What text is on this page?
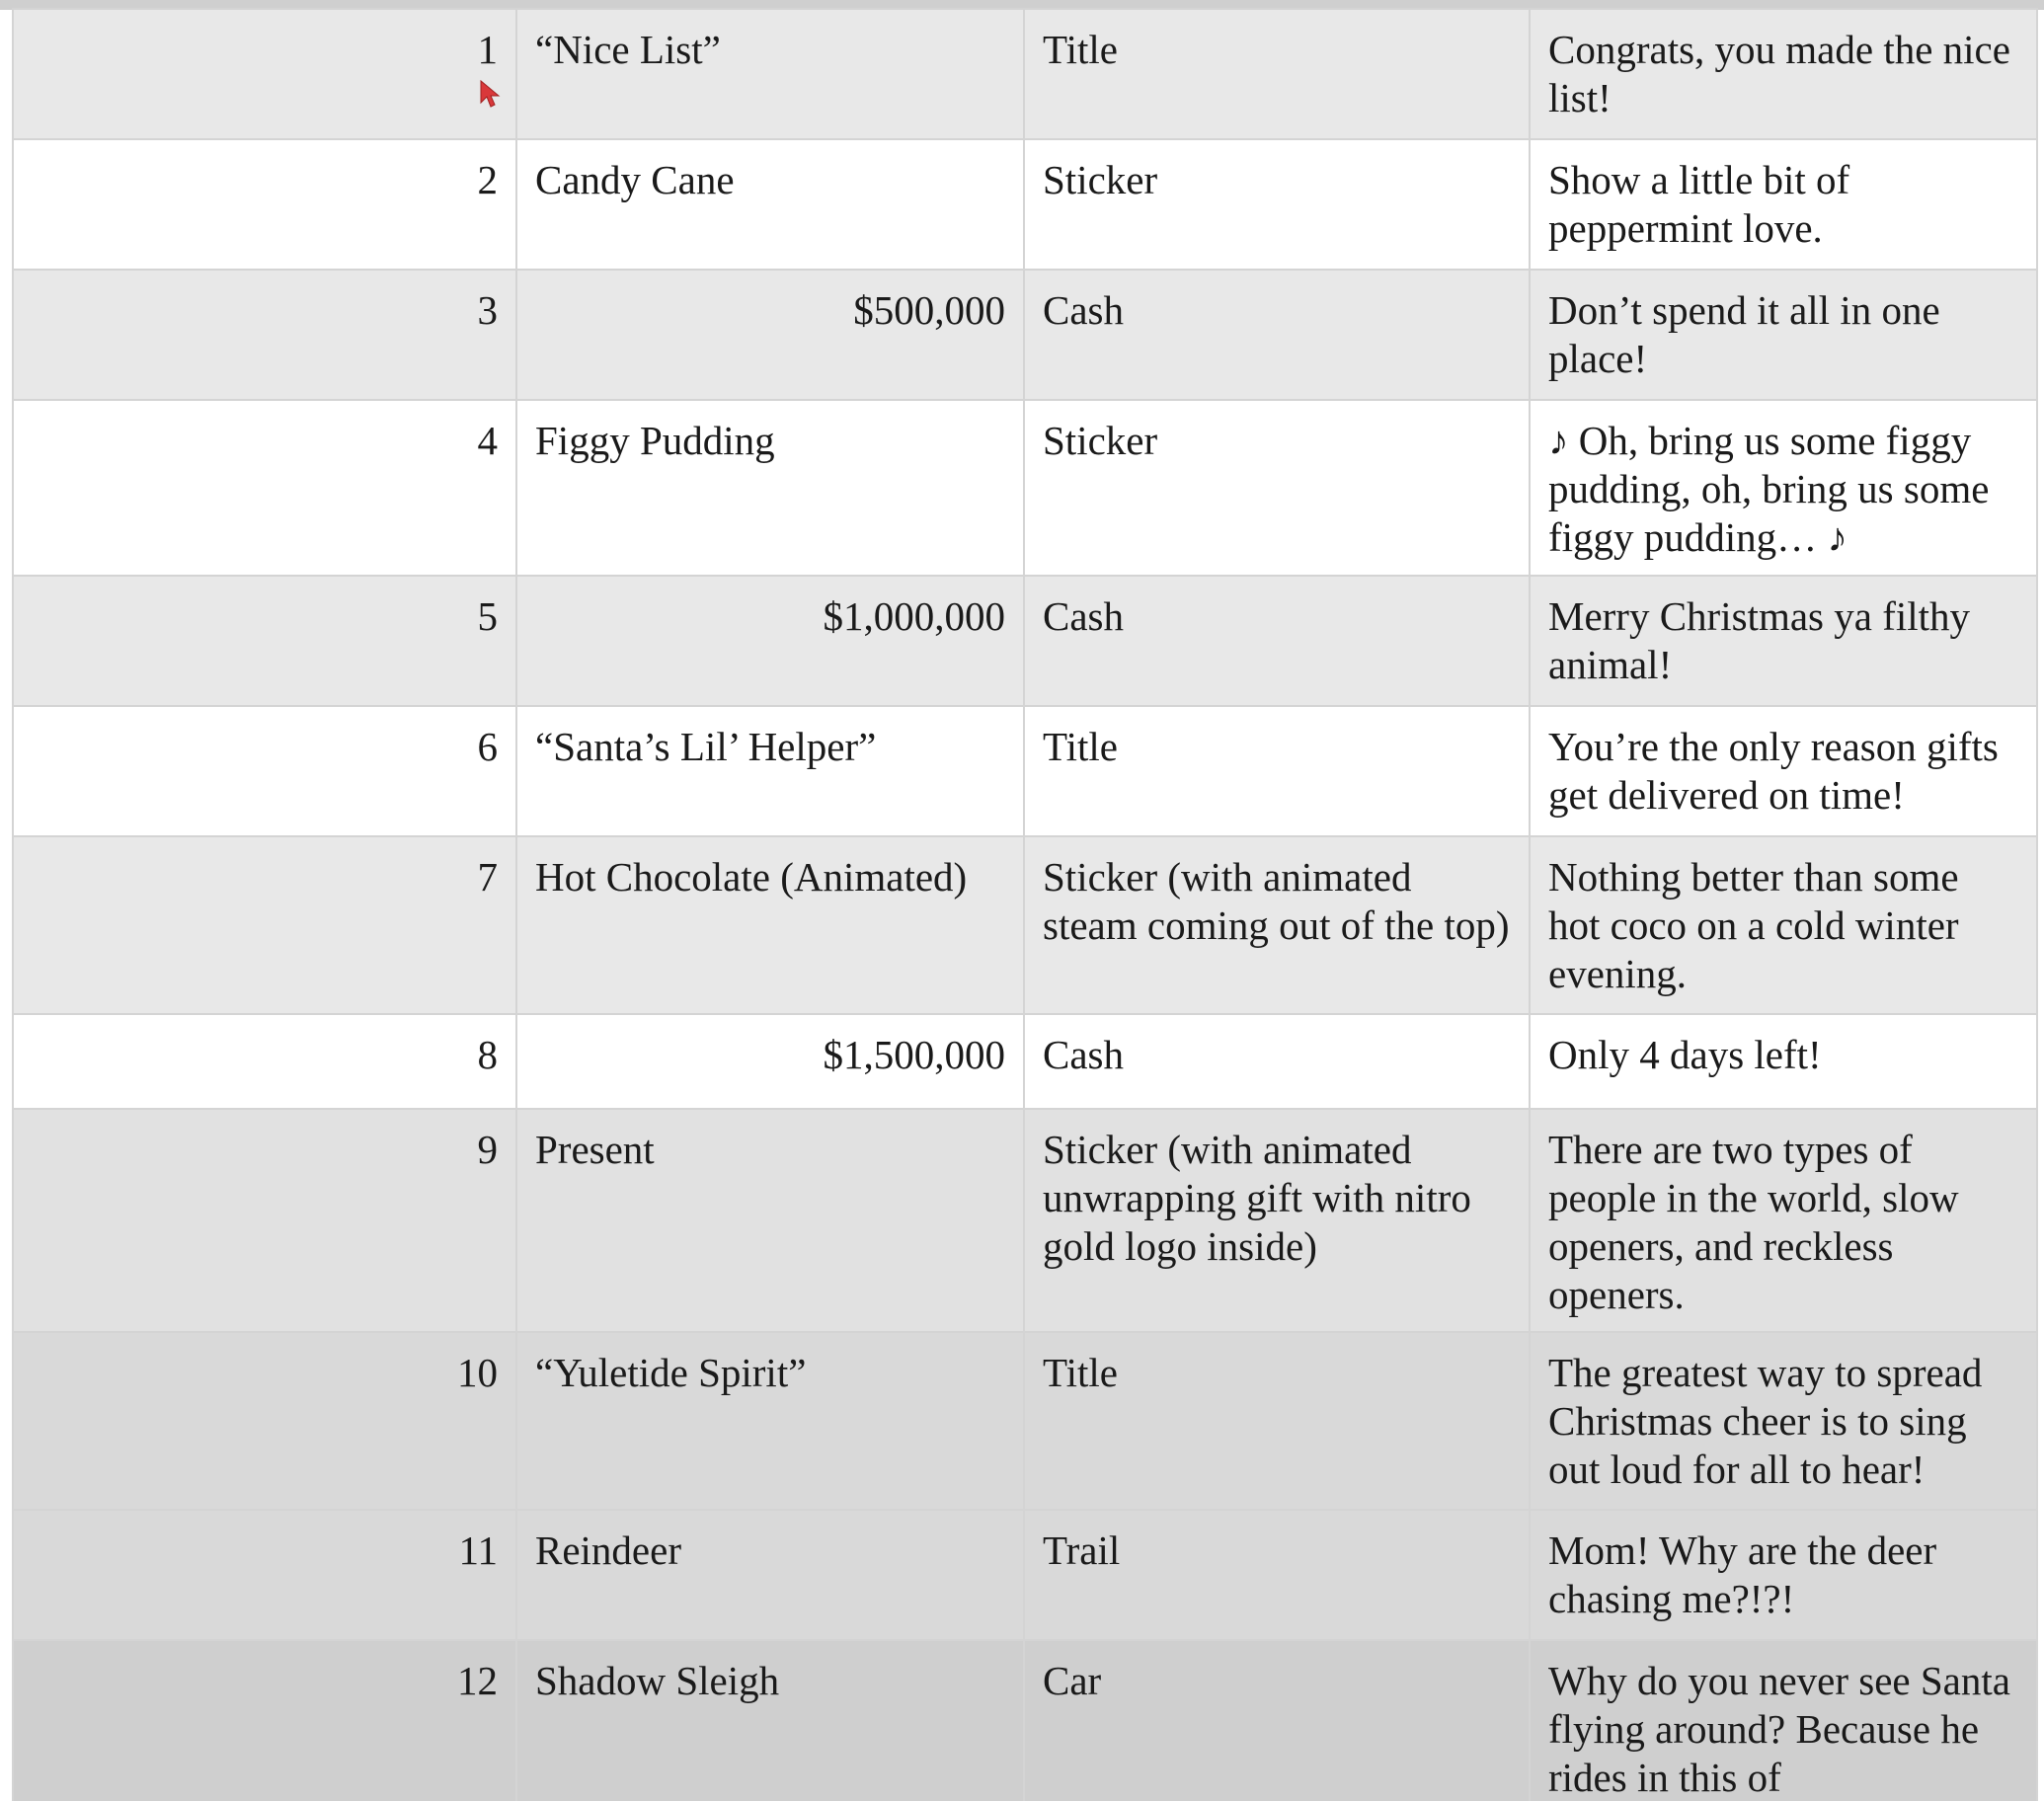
1	“Nice List”	Title	Congrats, you made the nice list!
2	Candy Cane	Sticker	Show a little bit of peppermint love.
3	$500,000	Cash	Don’t spend it all in one place!
4	Figgy Pudding	Sticker	♪ Oh, bring us some figgy pudding, oh, bring us some figgy pudding… ♪
5	$1,000,000	Cash	Merry Christmas ya filthy animal!
6	“Santa’s Lil’ Helper”	Title	You’re the only reason gifts get delivered on time!
7	Hot Chocolate (Animated)	Sticker (with animated steam coming out of the top)	Nothing better than some hot coco on a cold winter evening.
8	$1,500,000	Cash	Only 4 days left!
9	Present	Sticker (with animated unwrapping gift with nitro gold logo inside)	There are two types of people in the world, slow openers, and reckless openers.
10	“Yuletide Spirit”	Title	The greatest way to spread Christmas cheer is to sing out loud for all to hear!
11	Reindeer	Trail	Mom! Why are the deer chasing me?!?!
12	Shadow Sleigh	Car	Why do you never see Santa flying around? Because he rides in this of
